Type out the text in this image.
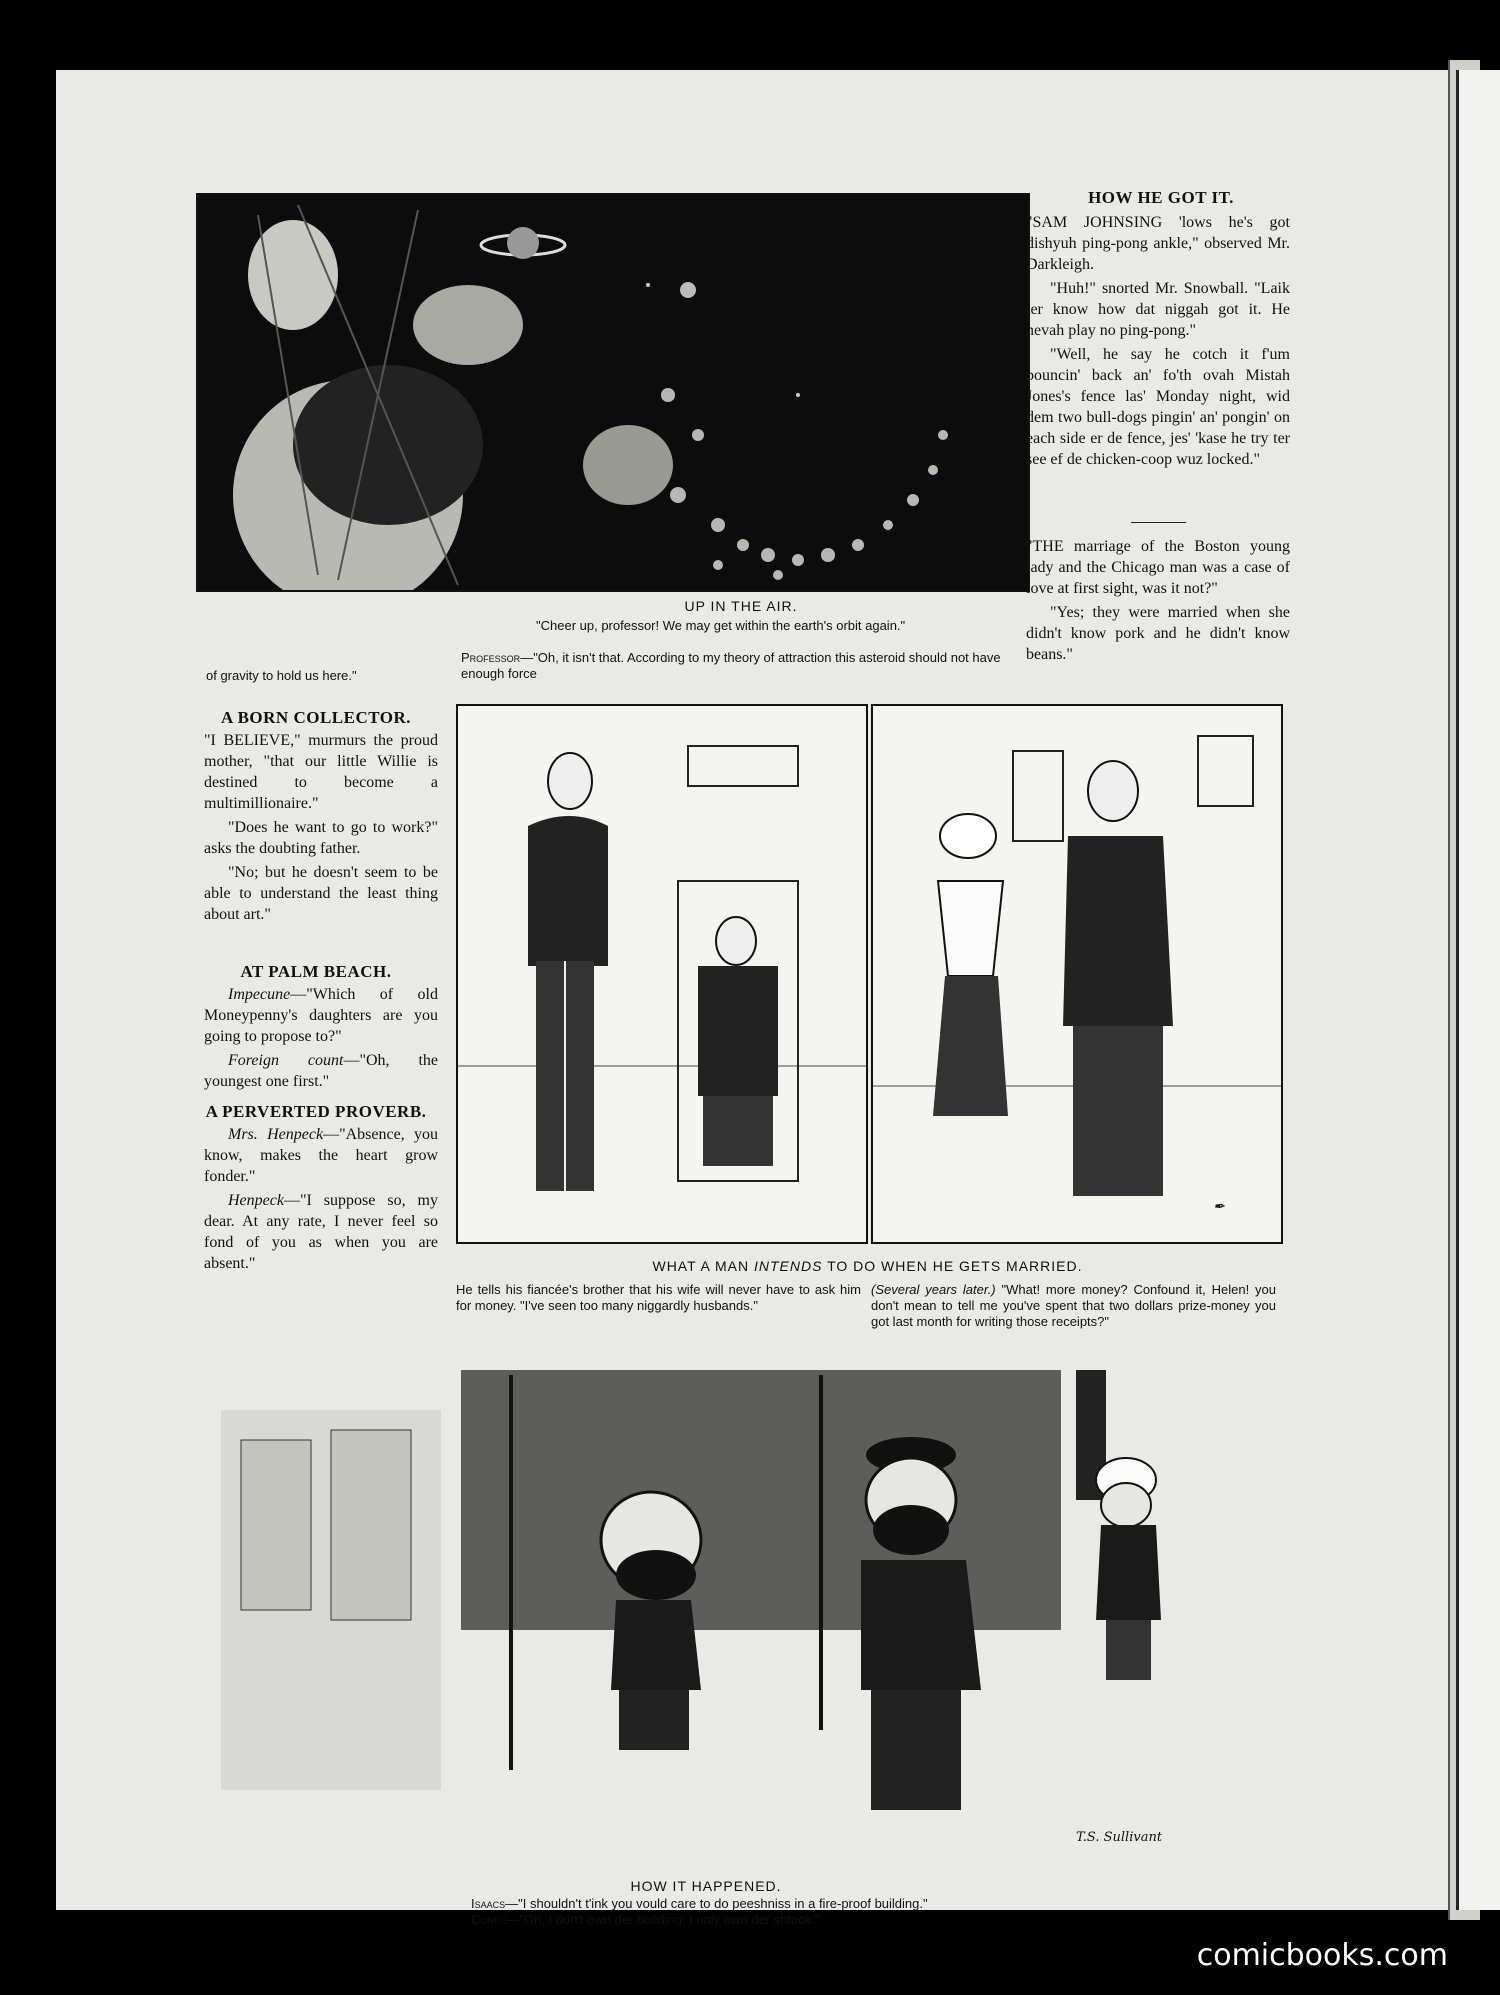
UP IN THE AIR.
"Cheer up, professor! We may get within the earth's orbit again."
Professor—"Oh, it isn't that. According to my theory of attraction this asteroid should not have enough force
of gravity to hold us here."
HOW HE GOT IT.

"SAM JOHNSING 'lows he's got dishyuh ping-pong ankle," observed Mr. Darkleigh.

"Huh!" snorted Mr. Snowball. "Laik ter know how dat niggah got it. He nevah play no ping-pong."

"Well, he say he cotch it f'um bouncin' back an' fo'th ovah Mistah Jones's fence las' Monday night, wid dem two bull-dogs pingin' an' pongin' on each side er de fence, jes' 'kase he try ter see ef de chicken-coop wuz locked."

"THE marriage of the Boston young lady and the Chicago man was a case of love at first sight, was it not?"

"Yes; they were married when she didn't know pork and he didn't know beans."

A BORN COLLECTOR.

"I BELIEVE," murmurs the proud mother, "that our little Willie is destined to become a multimillionaire."

"Does he want to go to work?" asks the doubting father.

"No; but he doesn't seem to be able to understand the least thing about art."

AT PALM BEACH.

Impecune—"Which of old Moneypenny's daughters are you going to propose to?"

Foreign count—"Oh, the youngest one first."

A PERVERTED PROVERB.

Mrs. Henpeck—"Absence, you know, makes the heart grow fonder."

Henpeck—"I suppose so, my dear. At any rate, I never feel so fond of you as when you are absent."

✒
WHAT A MAN INTENDS TO DO WHEN HE GETS MARRIED.
He tells his fiancée's brother that his wife will never have to ask him for money. "I've seen too many niggardly husbands."
(Several years later.) "What! more money? Confound it, Helen! you don't mean to tell me you've spent that two dollars prize-money you got last month for writing those receipts?"
T.S. Sullivant
HOW IT HAPPENED.
Isaacs—"I shouldn't t'ink you vould care to do peeshniss in a fire-proof building."
Cohen—"Oh, I don't own der building; I only own der shtock."
comicbooks.com
